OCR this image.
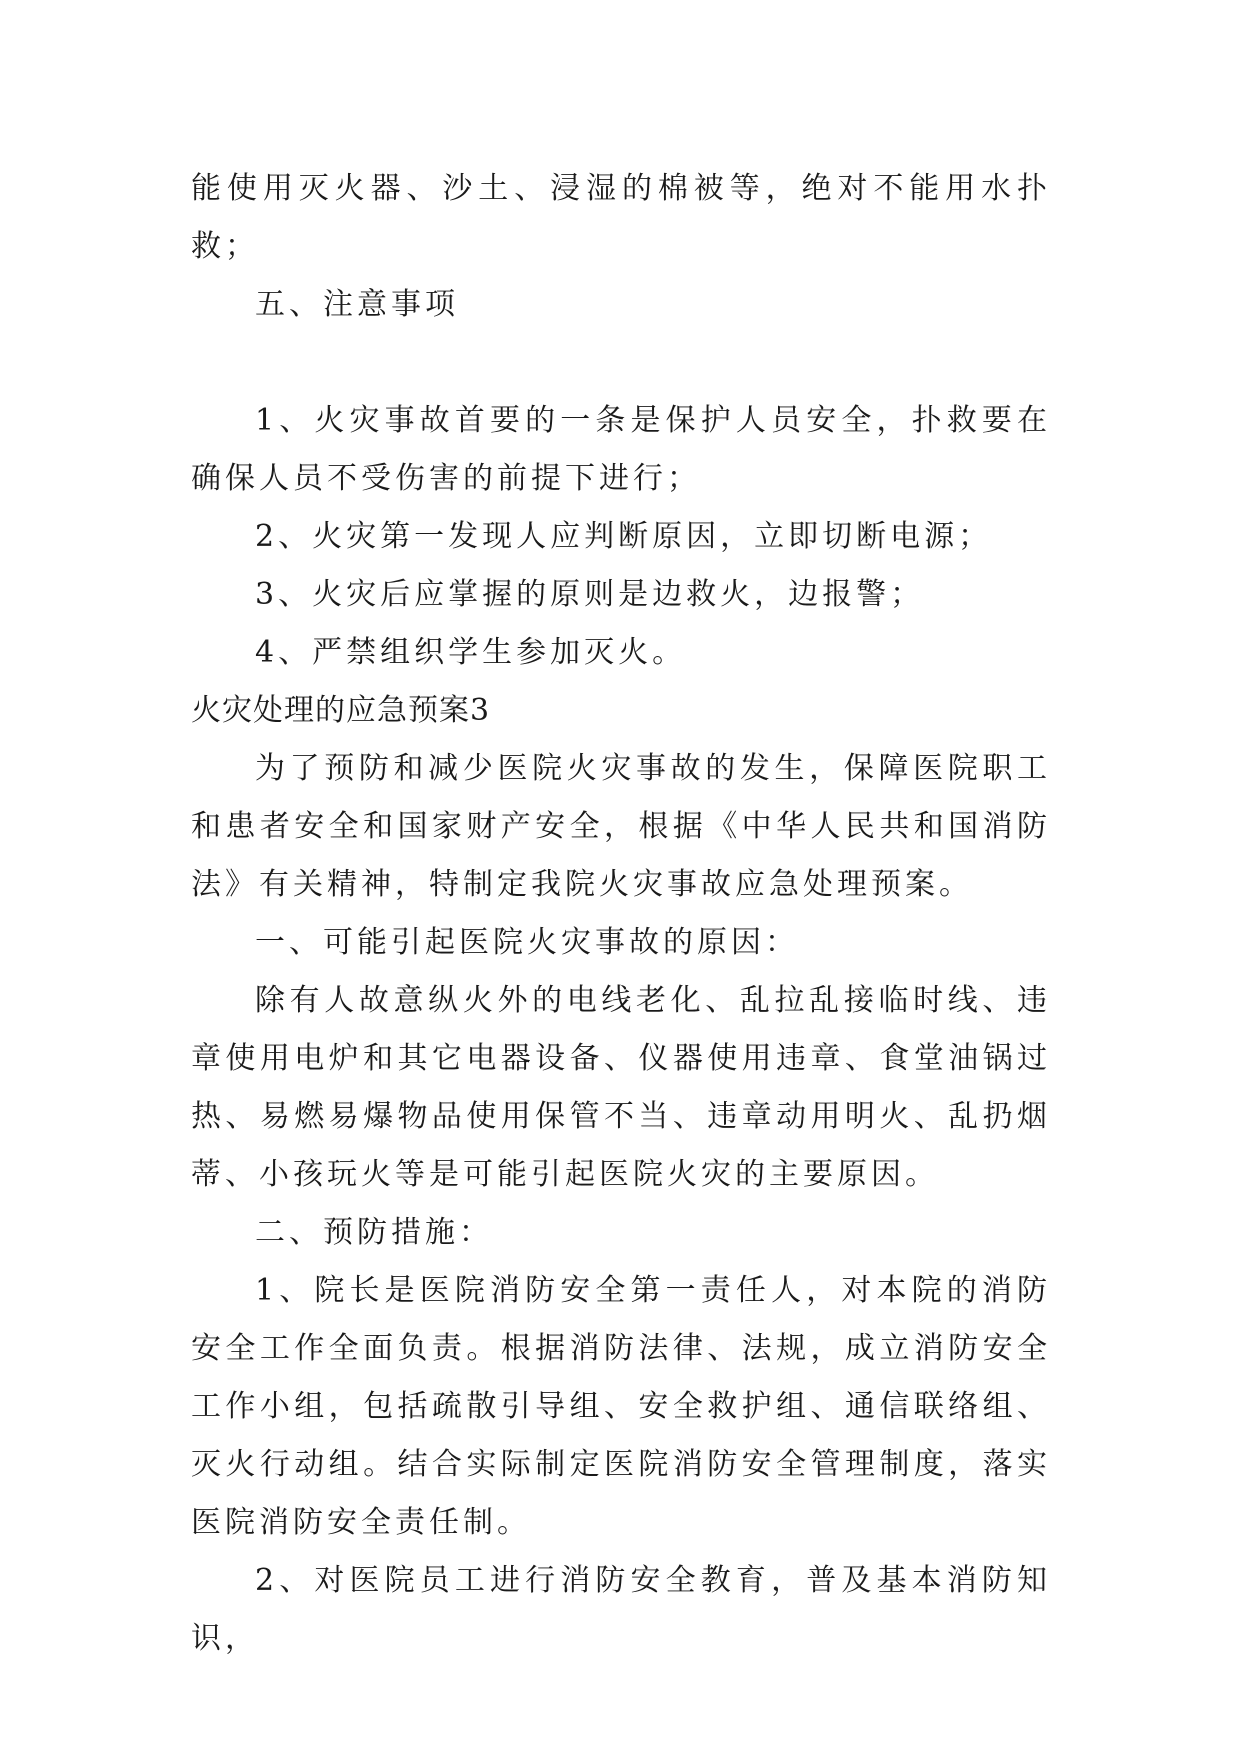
能使用灭火器、沙土、浸湿的棉被等，绝对不能用水扑救；

五、注意事项

1、火灾事故首要的一条是保护人员安全，扑救要在确保人员不受伤害的前提下进行；

2、火灾第一发现人应判断原因，立即切断电源；

3、火灾后应掌握的原则是边救火，边报警；

4、严禁组织学生参加灭火。

火灾处理的应急预案3

为了预防和减少医院火灾事故的发生，保障医院职工和患者安全和国家财产安全，根据《中华人民共和国消防法》有关精神，特制定我院火灾事故应急处理预案。

一、可能引起医院火灾事故的原因：

除有人故意纵火外的电线老化、乱拉乱接临时线、违章使用电炉和其它电器设备、仪器使用违章、食堂油锅过热、易燃易爆物品使用保管不当、违章动用明火、乱扔烟蒂、小孩玩火等是可能引起医院火灾的主要原因。

二、预防措施：

1、院长是医院消防安全第一责任人，对本院的消防安全工作全面负责。根据消防法律、法规，成立消防安全工作小组，包括疏散引导组、安全救护组、通信联络组、灭火行动组。结合实际制定医院消防安全管理制度，落实医院消防安全责任制。

2、对医院员工进行消防安全教育，普及基本消防知识，
